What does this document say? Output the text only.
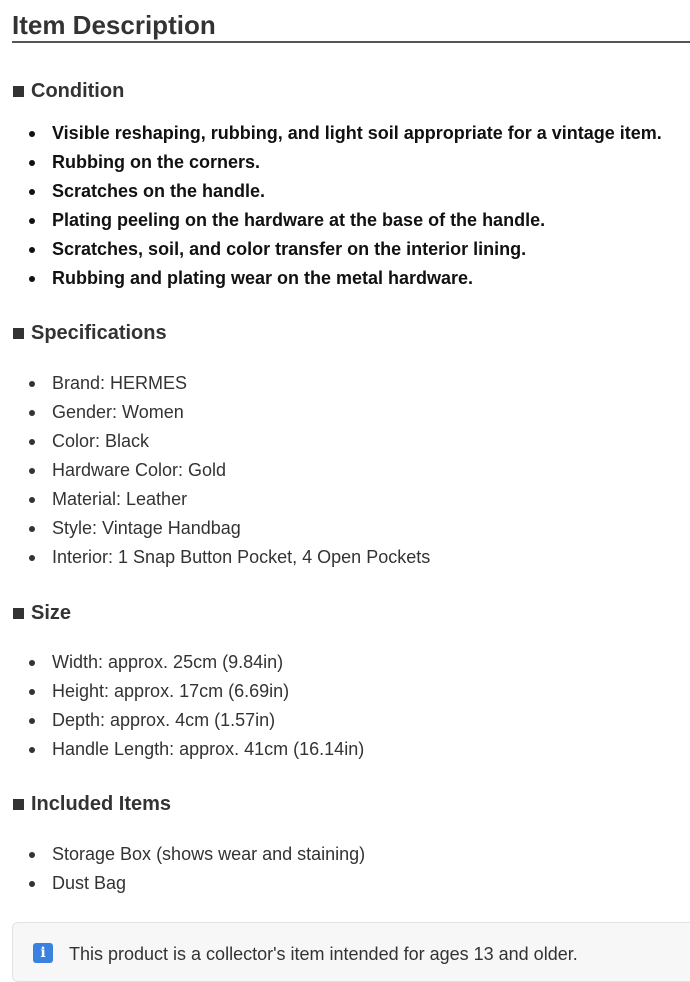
Item Description
Condition
Visible reshaping, rubbing, and light soil appropriate for a vintage item.
Rubbing on the corners.
Scratches on the handle.
Plating peeling on the hardware at the base of the handle.
Scratches, soil, and color transfer on the interior lining.
Rubbing and plating wear on the metal hardware.
Specifications
Brand: HERMES
Gender: Women
Color: Black
Hardware Color: Gold
Material: Leather
Style: Vintage Handbag
Interior: 1 Snap Button Pocket, 4 Open Pockets
Size
Width: approx. 25cm (9.84in)
Height: approx. 17cm (6.69in)
Depth: approx. 4cm (1.57in)
Handle Length: approx. 41cm (16.14in)
Included Items
Storage Box (shows wear and staining)
Dust Bag
i	This product is a collector's item intended for ages 13 and older.
